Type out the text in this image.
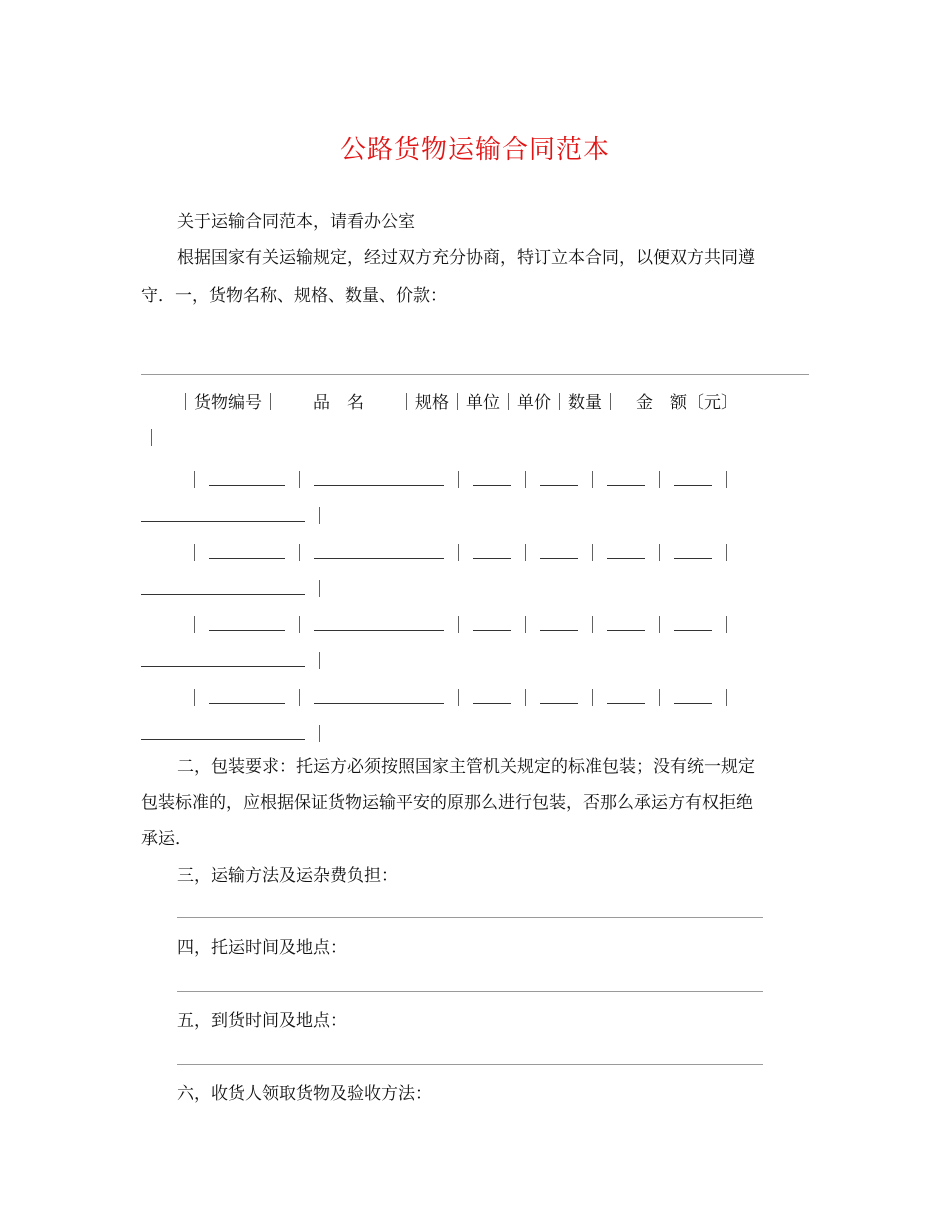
公路货物运输合同范本
关于运输合同范本，请看办公室
根据国家有关运输规定，经过双方充分协商，特订立本合同，以便双方共同遵
守．一，货物名称、规格、数量、价款：
｜货物编号｜　　品　名　　｜规格｜单位｜单价｜数量｜　金　额〔元〕
｜
｜	｜	｜	｜	｜	｜	｜
｜
｜	｜	｜	｜	｜	｜	｜
｜
｜	｜	｜	｜	｜	｜	｜
｜
｜	｜	｜	｜	｜	｜	｜
｜
二，包装要求：托运方必须按照国家主管机关规定的标准包装；没有统一规定
包装标准的，应根据保证货物运输平安的原那么进行包装，否那么承运方有权拒绝
承运．
三，运输方法及运杂费负担：
四，托运时间及地点：
五，到货时间及地点：
六，收货人领取货物及验收方法：
